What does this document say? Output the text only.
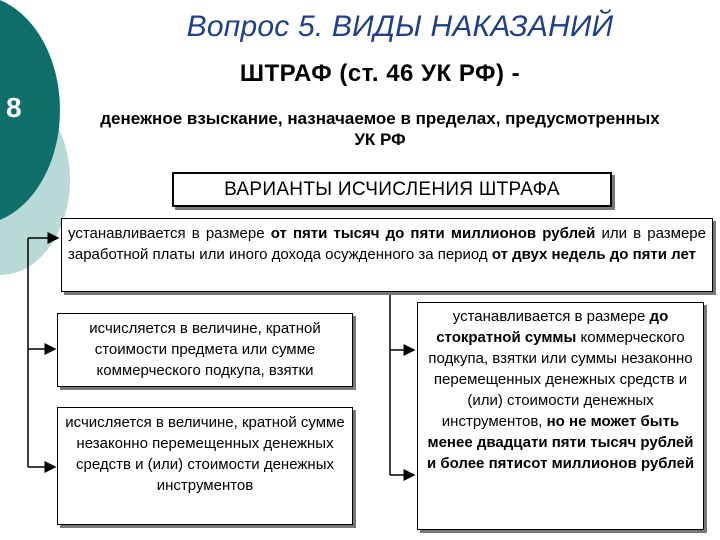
8
Вопрос 5. ВИДЫ НАКАЗАНИЙ
ШТРАФ (ст. 46 УК РФ) -
денежное взыскание, назначаемое в пределах, предусмотренных УК РФ
ВАРИАНТЫ ИСЧИСЛЕНИЯ ШТРАФА
устанавливается в размере от пяти тысяч до пяти миллионов рублей или в размере заработной платы или иного дохода осужденного за период от двух недель до пяти лет
исчисляется в величине, кратной стоимости предмета или сумме коммерческого подкупа, взятки
исчисляется в величине, кратной сумме незаконно перемещенных денежных средств и (или) стоимости денежных инструментов
устанавливается в размере до стократной суммы коммерческого подкупа, взятки или суммы незаконно перемещенных денежных средств и (или) стоимости денежных инструментов, но не может быть менее двадцати пяти тысяч рублей и более пятисот миллионов рублей
